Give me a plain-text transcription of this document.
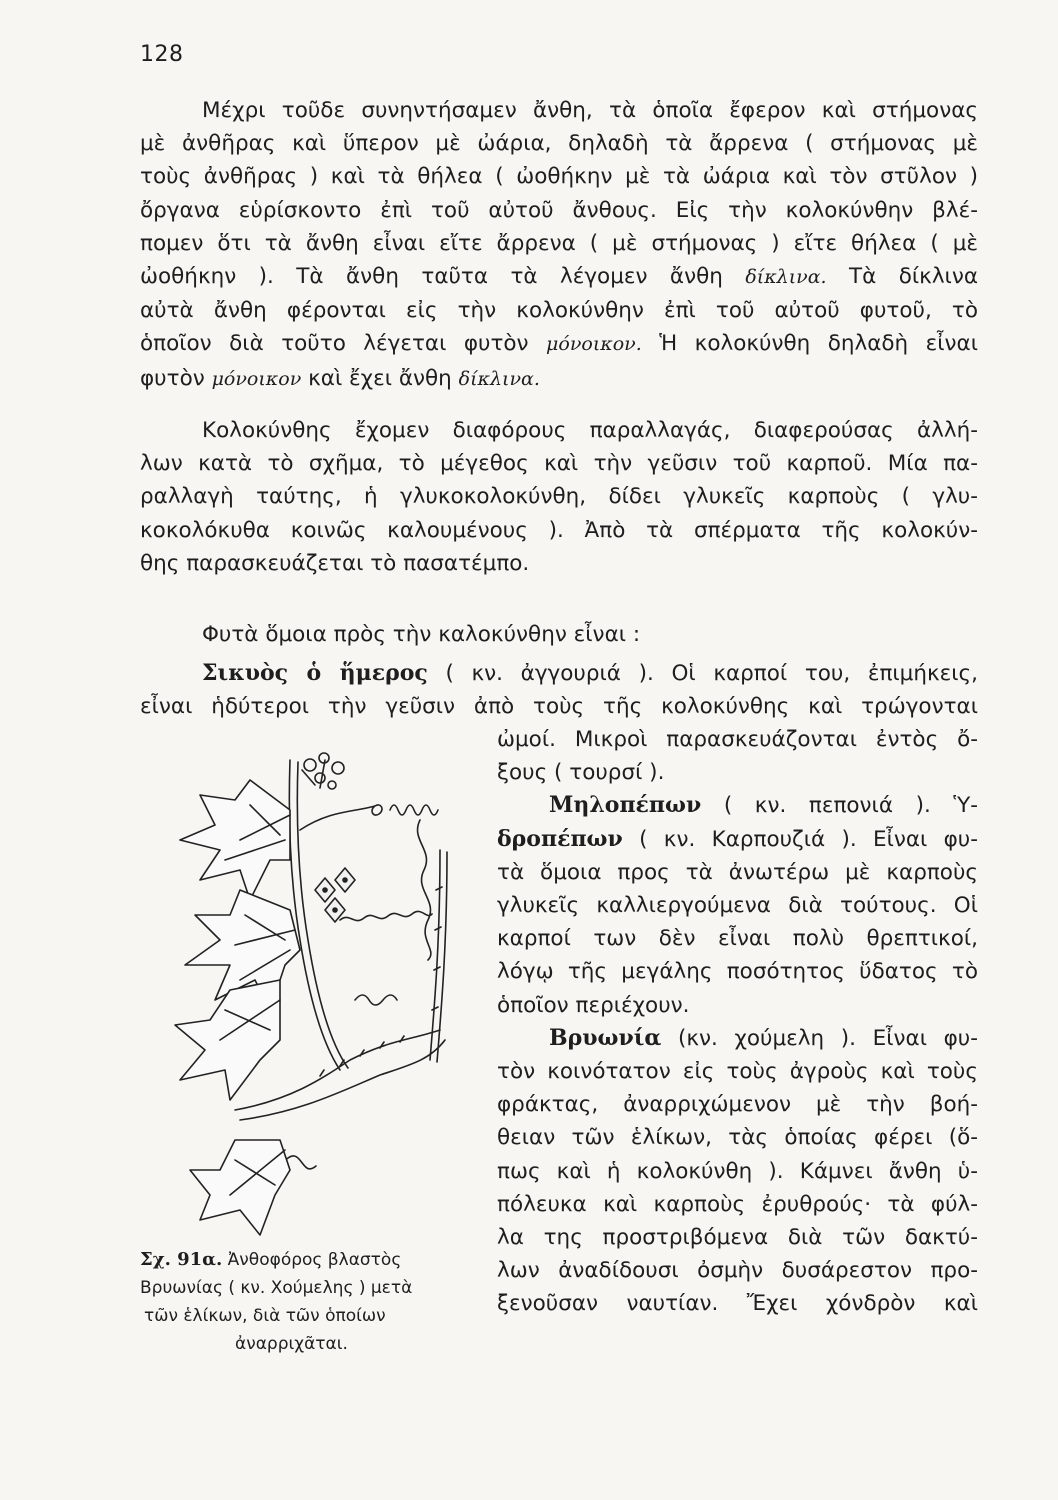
128
Μέχρι τοῦδε συνηντήσαμεν ἄνθη, τὰ ὁποῖα ἔφερον καὶ στήμονας
μὲ ἀνθῆρας καὶ ὕπερον μὲ ὠάρια, δηλαδὴ τὰ ἄρρενα ( στήμονας μὲ
τοὺς ἀνθῆρας ) καὶ τὰ θήλεα ( ὠοθήκην μὲ τὰ ὠάρια καὶ τὸν στῦλον )
ὄργανα εὑρίσκοντο ἐπὶ τοῦ αὐτοῦ ἄνθους. Εἰς τὴν κολοκύνθην βλέ-
πομεν ὅτι τὰ ἄνθη εἶναι εἴτε ἄρρενα ( μὲ στήμονας ) εἴτε θήλεα ( μὲ
ὠοθήκην ). Τὰ ἄνθη ταῦτα τὰ λέγομεν ἄνθη δίκλινα. Τὰ δίκλινα
αὐτὰ ἄνθη φέρονται εἰς τὴν κολοκύνθην ἐπὶ τοῦ αὐτοῦ φυτοῦ, τὸ
ὁποῖον διὰ τοῦτο λέγεται φυτὸν μόνοικον. Ἡ κολοκύνθη δηλαδὴ εἶναι
φυτὸν μόνοικον καὶ ἔχει ἄνθη δίκλινα.
Κολοκύνθης ἔχομεν διαφόρους παραλλαγάς, διαφερούσας ἀλλή-
λων κατὰ τὸ σχῆμα, τὸ μέγεθος καὶ τὴν γεῦσιν τοῦ καρποῦ. Μία πα-
ραλλαγὴ ταύτης, ἡ γλυκοκολοκύνθη, δίδει γλυκεῖς καρποὺς ( γλυ-
κοκολόκυθα κοινῶς καλουμένους ). Ἀπὸ τὰ σπέρματα τῆς κολοκύν-
θης παρασκευάζεται τὸ πασατέμπο.
Φυτὰ ὅμοια πρὸς τὴν καλοκύνθην εἶναι :
Σικυὸς ὁ ἥμερος ( κν. ἀγγουριά ). Οἱ καρποί του, ἐπιμήκεις,
εἶναι ἡδύτεροι τὴν γεῦσιν ἀπὸ τοὺς τῆς κολοκύνθης καὶ τρώγονται
ὠμοί. Μικροὶ παρασκευάζονται ἐντὸς ὄ-
ξους ( τουρσί ).
Μηλοπέπων ( κν. πεπονιά ). Ὑ-
δροπέπων ( κν. Καρπουζιά ). Εἶναι φυ-
τὰ ὅμοια προς τὰ ἀνωτέρω μὲ καρποὺς
γλυκεῖς καλλιεργούμενα διὰ τούτους. Οἱ
καρποί των δὲν εἶναι πολὺ θρεπτικοί,
λόγῳ τῆς μεγάλης ποσότητος ὕδατος τὸ
ὁποῖον περιέχουν.
Βρυωνία (κν. χούμελη ). Εἶναι φυ-
τὸν κοινότατον εἰς τοὺς ἀγροὺς καὶ τοὺς
φράκτας, ἀναρριχώμενον μὲ τὴν βοή-
θειαν τῶν ἑλίκων, τὰς ὁποίας φέρει (ὅ-
πως καὶ ἡ κολοκύνθη ). Κάμνει ἄνθη ὑ-
πόλευκα καὶ καρποὺς ἐρυθρούς· τὰ φύλ-
λα της προστριβόμενα διὰ τῶν δακτύ-
λων ἀναδίδουσι ὀσμὴν δυσάρεστον προ-
ξενοῦσαν ναυτίαν. Ἔχει χόνδρὸν καὶ
Σχ. 91α. Ἀνθοφόρος βλαστὸς
Βρυωνίας ( κν. Χούμελης ) μετὰ
τῶν ἑλίκων, διὰ τῶν ὁποίων
ἀναρριχᾶται.
